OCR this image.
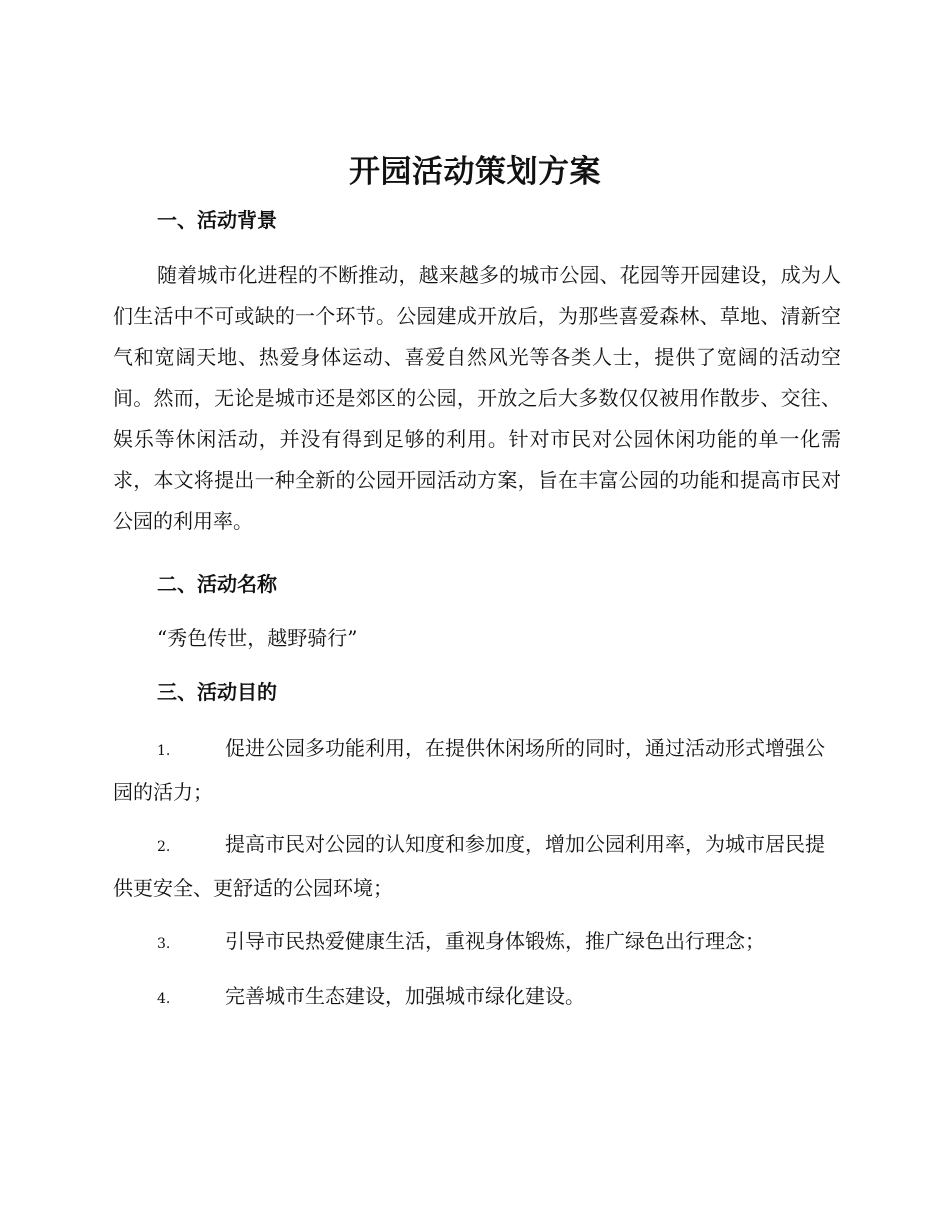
开园活动策划方案
一、活动背景

随着城市化进程的不断推动，越来越多的城市公园、花园等开园建设，成为人们生活中不可或缺的一个环节。公园建成开放后，为那些喜爱森林、草地、清新空气和宽阔天地、热爱身体运动、喜爱自然风光等各类人士，提供了宽阔的活动空间。然而，无论是城市还是郊区的公园，开放之后大多数仅仅被用作散步、交往、娱乐等休闲活动，并没有得到足够的利用。针对市民对公园休闲功能的单一化需求，本文将提出一种全新的公园开园活动方案，旨在丰富公园的功能和提高市民对公园的利用率。

二、活动名称
“秀色传世，越野骑行”
三、活动目的

1.	促进公园多功能利用，在提供休闲场所的同时，通过活动形式增强公园的活力；

2.	提高市民对公园的认知度和参加度，增加公园利用率，为城市居民提供更安全、更舒适的公园环境；

3.	引导市民热爱健康生活，重视身体锻炼，推广绿色出行理念；

4.	完善城市生态建设，加强城市绿化建设。
